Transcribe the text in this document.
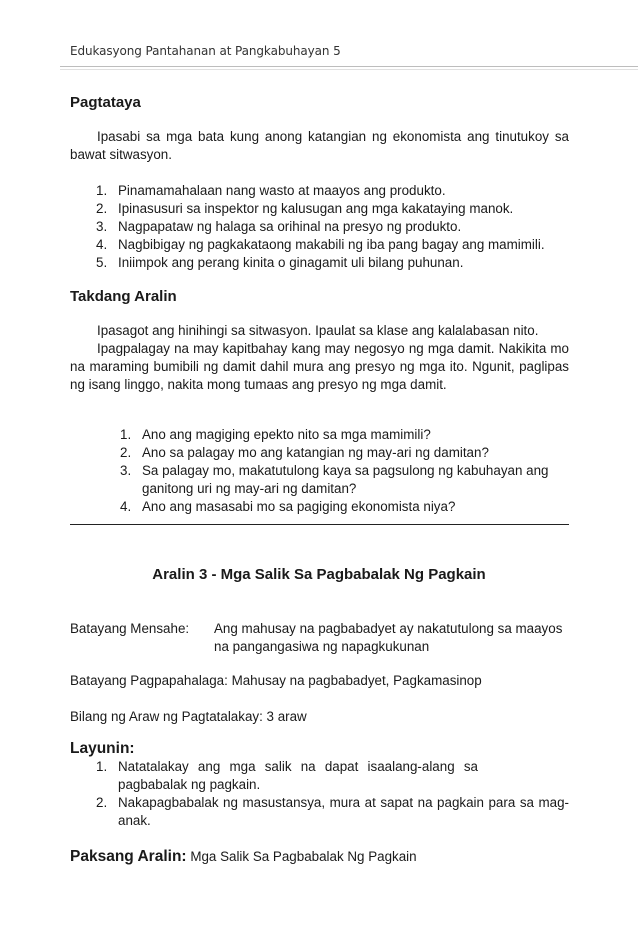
Edukasyong Pantahanan at Pangkabuhayan 5
Pagtataya
Ipasabi sa mga bata kung anong katangian ng ekonomista ang tinutukoy sa bawat sitwasyon.
1. Pinamamahalaan nang wasto at maayos ang produkto.
2. Ipinasusuri sa inspektor ng kalusugan ang mga kakataying manok.
3. Nagpapataw ng halaga sa orihinal na presyo ng produkto.
4. Nagbibigay ng pagkakataong makabili ng iba pang bagay ang mamimili.
5. Iniimpok ang perang kinita o ginagamit uli bilang puhunan.
Takdang Aralin
Ipasagot ang hinihingi sa sitwasyon. Ipaulat sa klase ang kalalabasan nito.
Ipagpalagay na may kapitbahay kang may negosyo ng mga damit. Nakikita mo na maraming bumibili ng damit dahil mura ang presyo ng mga ito. Ngunit, paglipas ng isang linggo, nakita mong tumaas ang presyo ng mga damit.
1. Ano ang magiging epekto nito sa mga mamimili?
2. Ano sa palagay mo ang katangian ng may-ari ng damitan?
3. Sa palagay mo, makatutulong kaya sa pagsulong ng kabuhayan ang ganitong uri ng may-ari ng damitan?
4. Ano ang masasabi mo sa pagiging ekonomista niya?
Aralin 3 - Mga Salik Sa Pagbabalak Ng Pagkain
Batayang Mensahe: Ang mahusay na pagbabadyet ay nakatutulong sa maayos na pangangasiwa ng napagkukunan
Batayang Pagpapahalaga: Mahusay na pagbabadyet, Pagkamasinop
Bilang ng Araw ng Pagtatalakay: 3 araw
Layunin:
1. Natatalakay ang mga salik na dapat isaalang-alang sa pagbabalak ng pagkain.
2. Nakapagbabalak ng masustansya, mura at sapat na pagkain para sa mag-anak.
Paksang Aralin: Mga Salik Sa Pagbabalak Ng Pagkain
